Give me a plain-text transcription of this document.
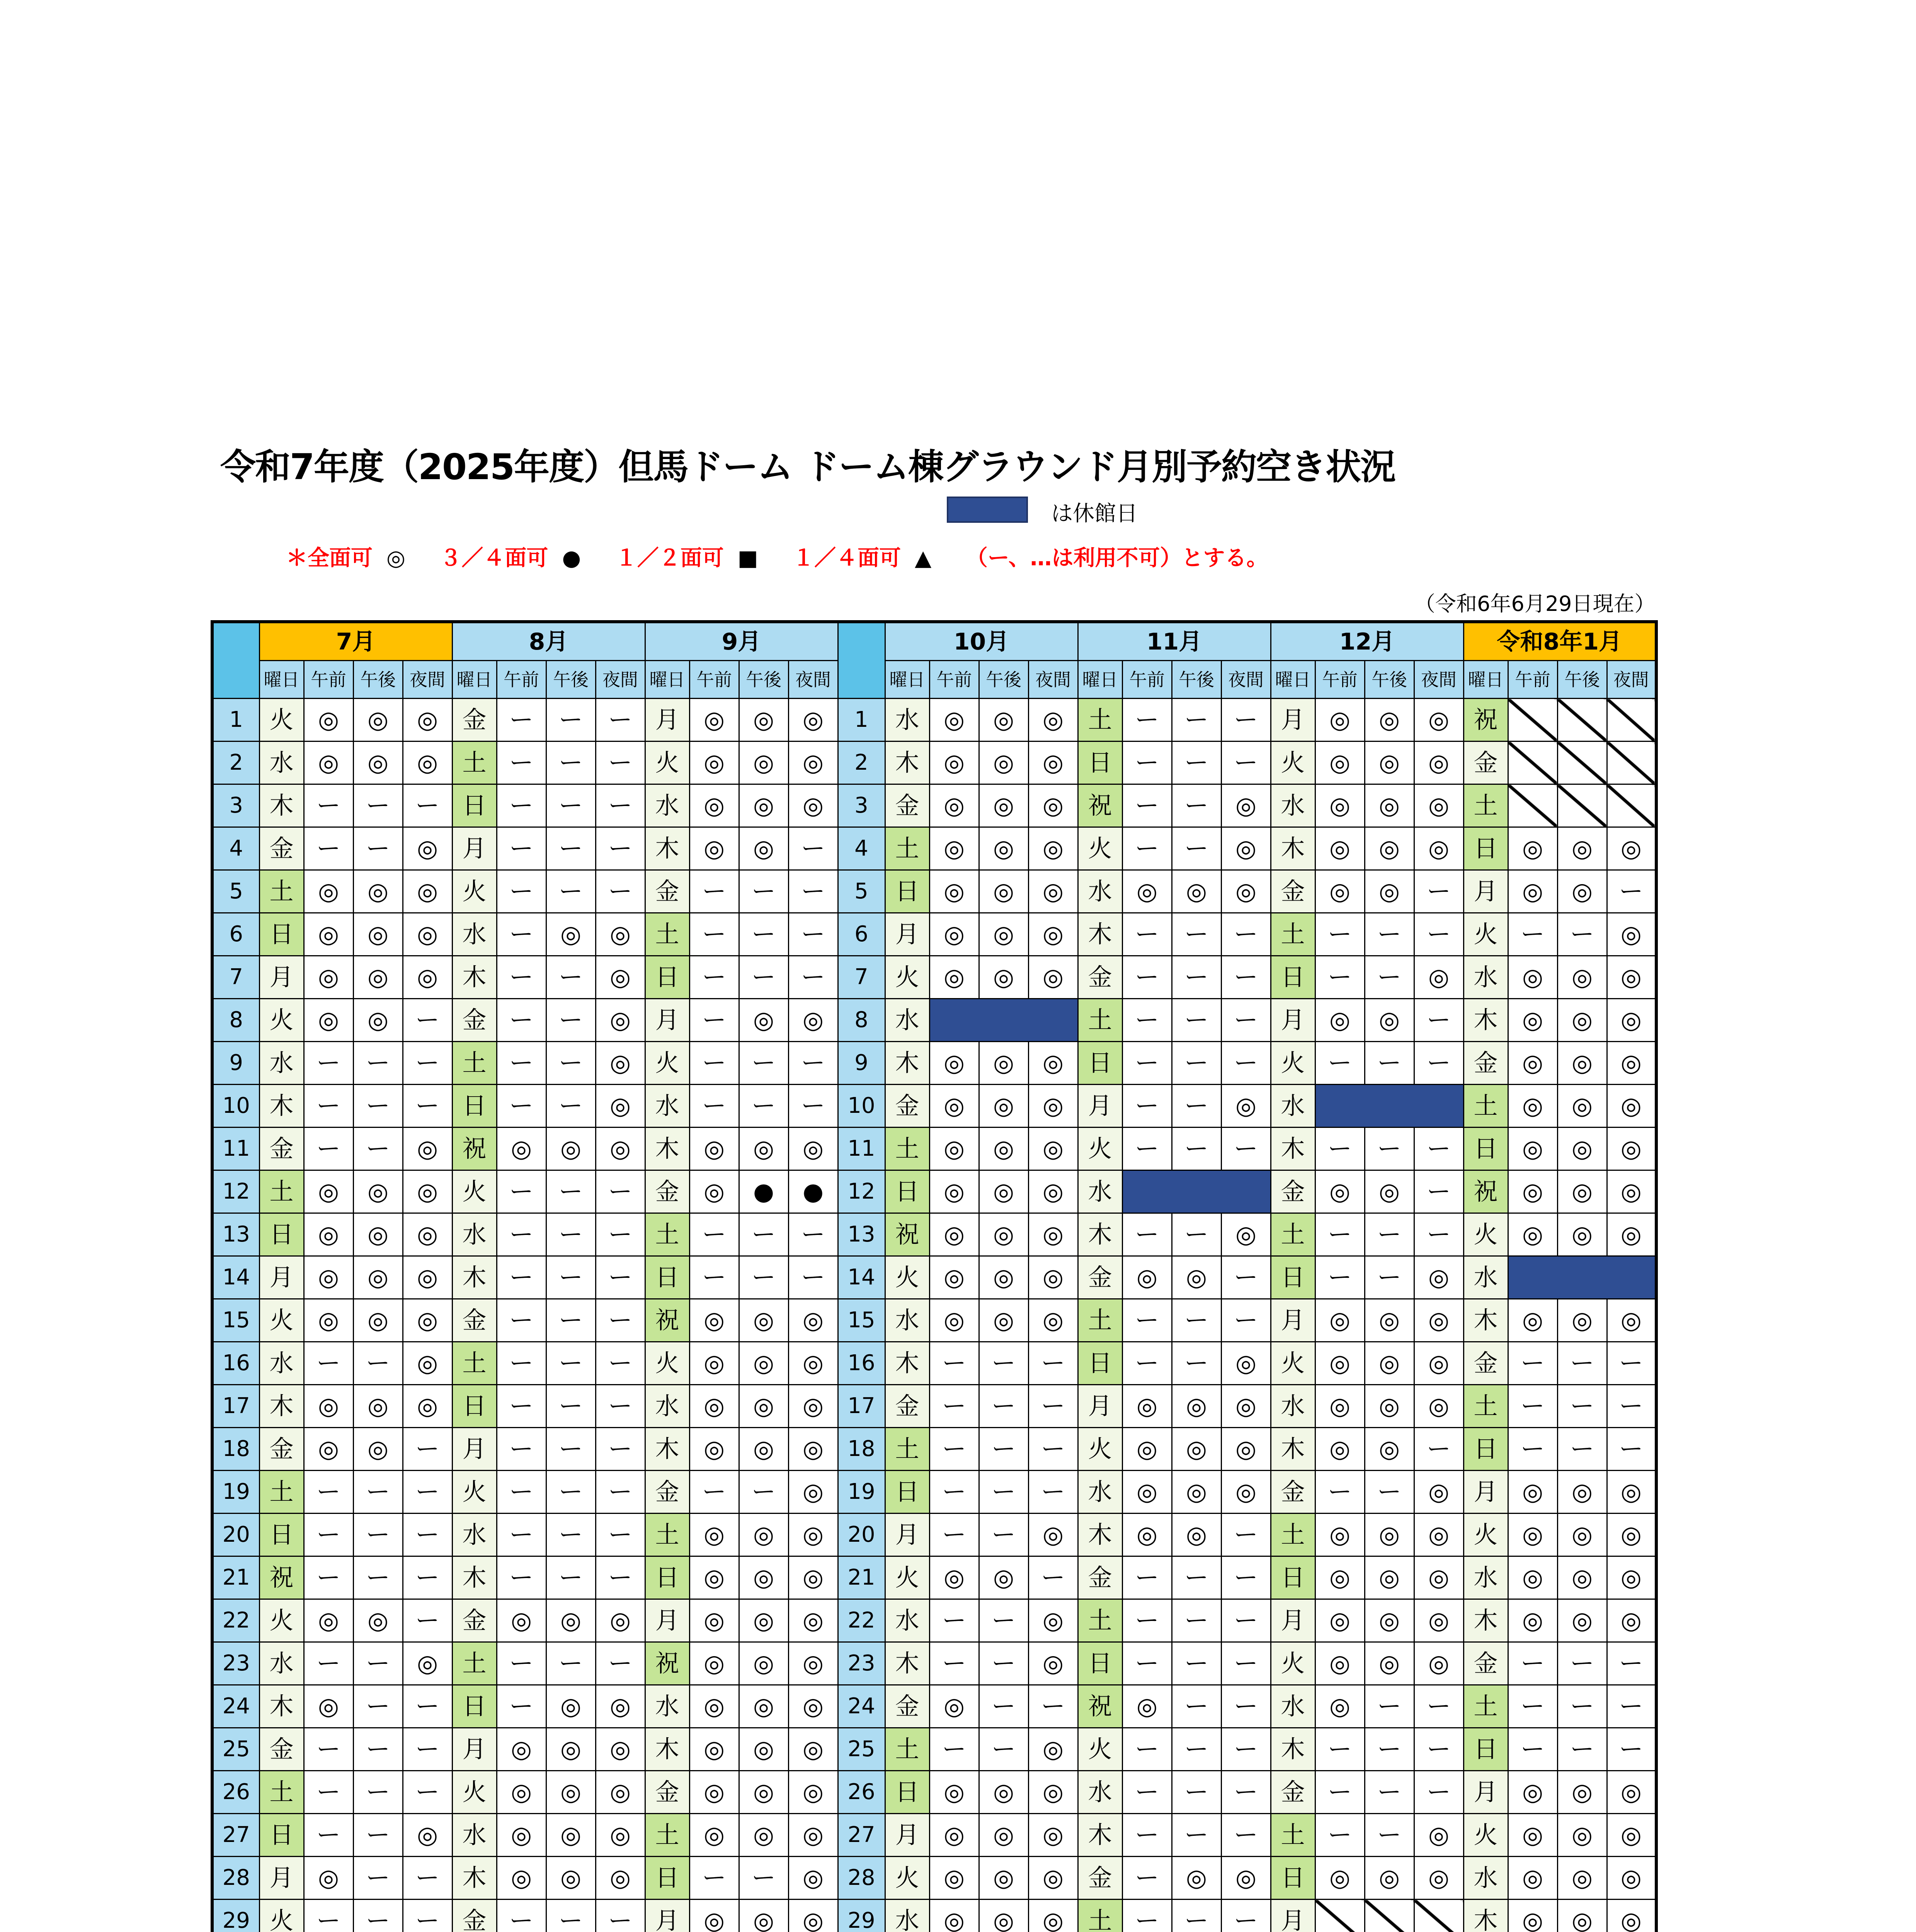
令和7年度（2025年度）但馬ドーム ドーム棟グラウンド月別予約空き状況
は休館日
＊全面可 ◎ ３／４面可 ● １／２面可 ■ １／４面可 ▲ （ー、…は利用不可）とする。
（令和6年6月29日現在）
	7月				8月				9月					10月				11月				12月				令和8年1月			
	曜日	午前	午後	夜間	曜日	午前	午後	夜間	曜日	午前	午後	夜間		曜日	午前	午後	夜間	曜日	午前	午後	夜間	曜日	午前	午後	夜間	曜日	午前	午後	夜間
1	火	◎	◎	◎	金	ー	ー	ー	月	◎	◎	◎	1	水	◎	◎	◎	土	ー	ー	ー	月	◎	◎	◎	祝			
2	水	◎	◎	◎	土	ー	ー	ー	火	◎	◎	◎	2	木	◎	◎	◎	日	ー	ー	ー	火	◎	◎	◎	金			
3	木	ー	ー	ー	日	ー	ー	ー	水	◎	◎	◎	3	金	◎	◎	◎	祝	ー	ー	◎	水	◎	◎	◎	土			
4	金	ー	ー	◎	月	ー	ー	ー	木	◎	◎	ー	4	土	◎	◎	◎	火	ー	ー	◎	木	◎	◎	◎	日	◎	◎	◎
5	土	◎	◎	◎	火	ー	ー	ー	金	ー	ー	ー	5	日	◎	◎	◎	水	◎	◎	◎	金	◎	◎	ー	月	◎	◎	ー
6	日	◎	◎	◎	水	ー	◎	◎	土	ー	ー	ー	6	月	◎	◎	◎	木	ー	ー	ー	土	ー	ー	ー	火	ー	ー	◎
7	月	◎	◎	◎	木	ー	ー	◎	日	ー	ー	ー	7	火	◎	◎	◎	金	ー	ー	ー	日	ー	ー	◎	水	◎	◎	◎
8	火	◎	◎	ー	金	ー	ー	◎	月	ー	◎	◎	8	水				土	ー	ー	ー	月	◎	◎	ー	木	◎	◎	◎
9	水	ー	ー	ー	土	ー	ー	◎	火	ー	ー	ー	9	木	◎	◎	◎	日	ー	ー	ー	火	ー	ー	ー	金	◎	◎	◎
10	木	ー	ー	ー	日	ー	ー	◎	水	ー	ー	ー	10	金	◎	◎	◎	月	ー	ー	◎	水				土	◎	◎	◎
11	金	ー	ー	◎	祝	◎	◎	◎	木	◎	◎	◎	11	土	◎	◎	◎	火	ー	ー	ー	木	ー	ー	ー	日	◎	◎	◎
12	土	◎	◎	◎	火	ー	ー	ー	金	◎	●	●	12	日	◎	◎	◎	水				金	◎	◎	ー	祝	◎	◎	◎
13	日	◎	◎	◎	水	ー	ー	ー	土	ー	ー	ー	13	祝	◎	◎	◎	木	ー	ー	◎	土	ー	ー	ー	火	◎	◎	◎
14	月	◎	◎	◎	木	ー	ー	ー	日	ー	ー	ー	14	火	◎	◎	◎	金	◎	◎	ー	日	ー	ー	◎	水			
15	火	◎	◎	◎	金	ー	ー	ー	祝	◎	◎	◎	15	水	◎	◎	◎	土	ー	ー	ー	月	◎	◎	◎	木	◎	◎	◎
16	水	ー	ー	◎	土	ー	ー	ー	火	◎	◎	◎	16	木	ー	ー	ー	日	ー	ー	◎	火	◎	◎	◎	金	ー	ー	ー
17	木	◎	◎	◎	日	ー	ー	ー	水	◎	◎	◎	17	金	ー	ー	ー	月	◎	◎	◎	水	◎	◎	◎	土	ー	ー	ー
18	金	◎	◎	ー	月	ー	ー	ー	木	◎	◎	◎	18	土	ー	ー	ー	火	◎	◎	◎	木	◎	◎	ー	日	ー	ー	ー
19	土	ー	ー	ー	火	ー	ー	ー	金	ー	ー	◎	19	日	ー	ー	ー	水	◎	◎	◎	金	ー	ー	◎	月	◎	◎	◎
20	日	ー	ー	ー	水	ー	ー	ー	土	◎	◎	◎	20	月	ー	ー	◎	木	◎	◎	ー	土	◎	◎	◎	火	◎	◎	◎
21	祝	ー	ー	ー	木	ー	ー	ー	日	◎	◎	◎	21	火	◎	◎	ー	金	ー	ー	ー	日	◎	◎	◎	水	◎	◎	◎
22	火	◎	◎	ー	金	◎	◎	◎	月	◎	◎	◎	22	水	ー	ー	◎	土	ー	ー	ー	月	◎	◎	◎	木	◎	◎	◎
23	水	ー	ー	◎	土	ー	ー	ー	祝	◎	◎	◎	23	木	ー	ー	◎	日	ー	ー	ー	火	◎	◎	◎	金	ー	ー	ー
24	木	◎	ー	ー	日	ー	◎	◎	水	◎	◎	◎	24	金	◎	ー	ー	祝	◎	ー	ー	水	◎	ー	ー	土	ー	ー	ー
25	金	ー	ー	ー	月	◎	◎	◎	木	◎	◎	◎	25	土	ー	ー	◎	火	ー	ー	ー	木	ー	ー	ー	日	ー	ー	ー
26	土	ー	ー	ー	火	◎	◎	◎	金	◎	◎	◎	26	日	◎	◎	◎	水	ー	ー	ー	金	ー	ー	ー	月	◎	◎	◎
27	日	ー	ー	◎	水	◎	◎	◎	土	◎	◎	◎	27	月	◎	◎	◎	木	ー	ー	ー	土	ー	ー	◎	火	◎	◎	◎
28	月	◎	ー	ー	木	◎	◎	◎	日	ー	ー	◎	28	火	◎	◎	◎	金	ー	◎	◎	日	◎	◎	◎	水	◎	◎	◎
29	火	ー	ー	ー	金	ー	ー	ー	月	◎	◎	◎	29	水	◎	◎	◎	土	ー	ー	ー	月				木	◎	◎	◎
